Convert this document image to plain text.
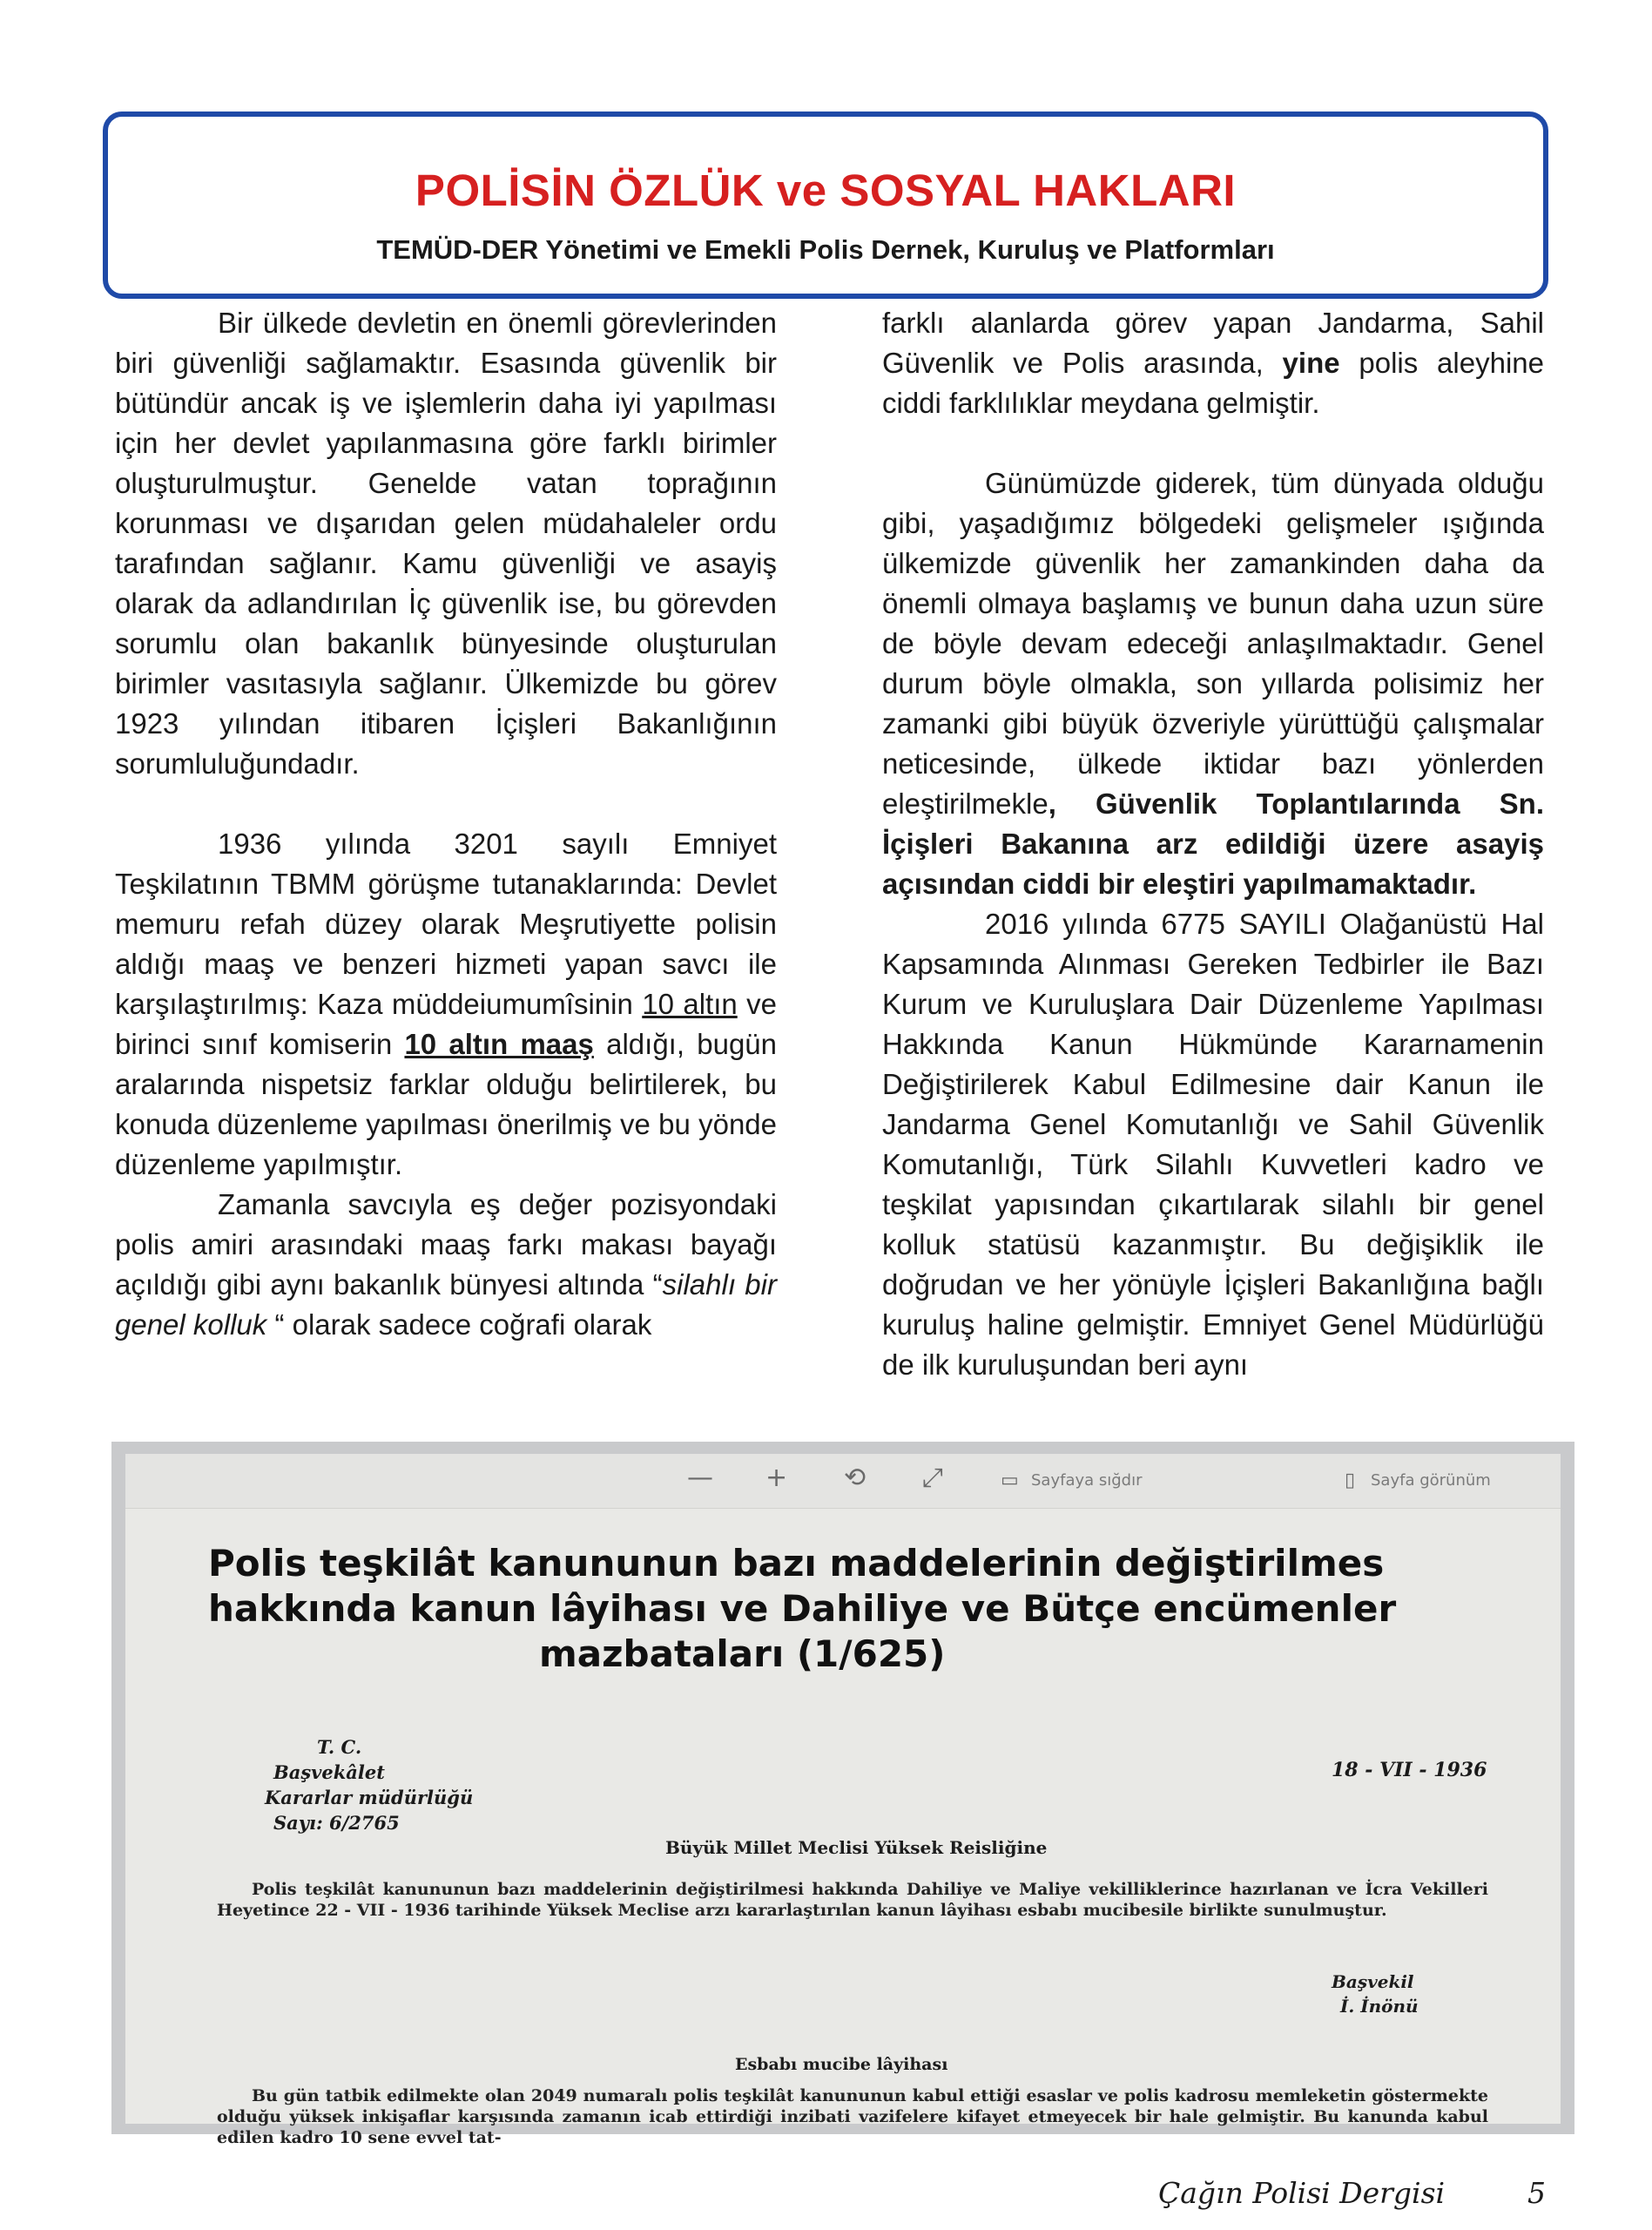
POLİSİN ÖZLÜK ve SOSYAL HAKLARI
TEMÜD-DER Yönetimi ve Emekli Polis Dernek, Kuruluş ve Platformları

Bir ülkede devletin en önemli görevlerinden biri güvenliği sağlamaktır. Esasında güvenlik bir bütündür ancak iş ve işlemlerin daha iyi yapılması için her devlet yapılanmasına göre farklı birimler oluşturulmuştur. Genelde vatan toprağının korunması ve dışarıdan gelen müdahaleler ordu tarafından sağlanır. Kamu güvenliği ve asayiş olarak da adlandırılan İç güvenlik ise, bu görevden sorumlu olan bakanlık bünyesinde oluşturulan birimler vasıtasıyla sağlanır. Ülkemizde bu görev 1923 yılından itibaren İçişleri Bakanlığının sorumluluğundadır.

1936 yılında 3201 sayılı Emniyet Teşkilatının TBMM görüşme tutanaklarında: Devlet memuru refah düzey olarak Meşrutiyette polisin aldığı maaş ve benzeri hizmeti yapan savcı ile karşılaştırılmış: Kaza müddeiumumîsinin 10 altın ve birinci sınıf komiserin 10 altın maaş aldığı, bugün aralarında nispetsiz farklar olduğu belirtilerek, bu konuda düzenleme yapılması önerilmiş ve bu yönde düzenleme yapılmıştır.

Zamanla savcıyla eş değer pozisyondaki polis amiri arasındaki maaş farkı makası bayağı açıldığı gibi aynı bakanlık bünyesi altında “silahlı bir genel kolluk “ olarak sadece coğrafi olarak

farklı alanlarda görev yapan Jandarma, Sahil Güvenlik ve Polis arasında, yine polis aleyhine ciddi farklılıklar meydana gelmiştir.

Günümüzde giderek, tüm dünyada olduğu gibi, yaşadığımız bölgedeki gelişmeler ışığında ülkemizde güvenlik her zamankinden daha da önemli olmaya başlamış ve bunun daha uzun süre de böyle devam edeceği anlaşılmaktadır. Genel durum böyle olmakla, son yıllarda polisimiz her zamanki gibi büyük özveriyle yürüttüğü çalışmalar neticesinde, ülkede iktidar bazı yönlerden eleştirilmekle, Güvenlik Toplantılarında Sn. İçişleri Bakanına arz edildiği üzere asayiş açısından ciddi bir eleştiri yapılmamaktadır.

2016 yılında 6775 SAYILI Olağanüstü Hal Kapsamında Alınması Gereken Tedbirler ile Bazı Kurum ve Kuruluşlara Dair Düzenleme Yapılması Hakkında Kanun Hükmünde Kararnamenin Değiştirilerek Kabul Edilmesine dair Kanun ile Jandarma Genel Komutanlığı ve Sahil Güvenlik Komutanlığı, Türk Silahlı Kuvvetleri kadro ve teşkilat yapısından çıkartılarak silahlı bir genel kolluk statüsü kazanmıştır. Bu değişiklik ile doğrudan ve her yönüyle İçişleri Bakanlığına bağlı kuruluş haline gelmiştir. Emniyet Genel Müdürlüğü de ilk kuruluşundan beri aynı

— + ⟲ ⤢	▭ Sayfaya sığdır	▯ Sayfa görünüm
Polis teşkilât kanununun bazı maddelerinin değiştirilmes
hakkında kanun lâyihası ve Dahiliye ve Bütçe encümenler
mazbataları (1/625)
T. C.
Başvekâlet
Kararlar müdürlüğü
Sayı: 6/2765
18 - VII - 1936
Büyük Millet Meclisi Yüksek Reisliğine
Polis teşkilât kanununun bazı maddelerinin değiştirilmesi hakkında Dahiliye ve Maliye vekilliklerince hazırlanan ve İcra Vekilleri Heyetince 22 - VII - 1936 tarihinde Yüksek Meclise arzı kararlaştırılan kanun lâyihası esbabı mucibesile birlikte sunulmuştur.
Başvekil
İ. İnönü
Esbabı mucibe lâyihası
Bu gün tatbik edilmekte olan 2049 numaralı polis teşkilât kanununun kabul ettiği esaslar ve polis kadrosu memleketin göstermekte olduğu yüksek inkişaflar karşısında zamanın icab ettirdiği inzibati vazifelere kifayet etmeyecek bir hale gelmiştir. Bu kanunda kabul edilen kadro 10 sene evvel tat-
Çağın Polisi Dergisi	5
